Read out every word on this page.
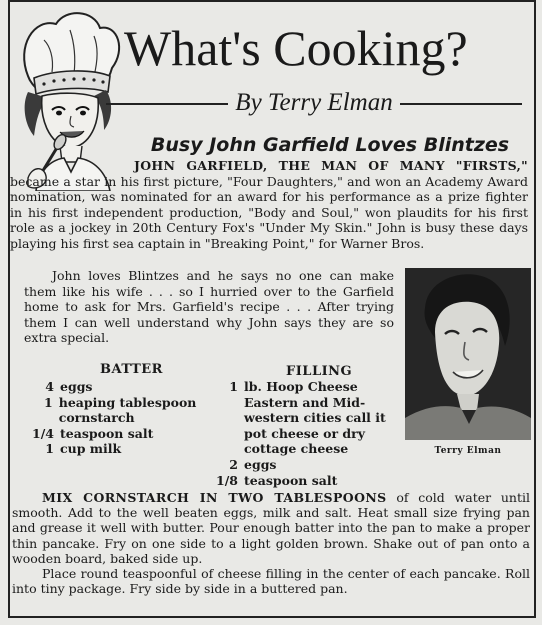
What's Cooking?
By Terry Elman
Busy John Garfield Loves Blintzes

JOHN GARFIELD, THE MAN OF MANY "FIRSTS," became a star in his first picture, "Four Daughters," and won an Academy Award nomination, was nominated for an award for his performance as a prize fighter in his first independent production, "Body and Soul," won plaudits for his first role as a jockey in 20th Century Fox's "Under My Skin." John is busy these days playing his first sea captain in "Breaking Point," for Warner Bros.

John loves Blintzes and he says no one can make them like his wife . . . so I hurried over to the Garfield home to ask for Mrs. Garfield's recipe . . . After trying them I can well understand why John says they are so extra special.

Terry Elman
BATTER
4 eggs
1 heaping tablespoon cornstarch
1/4 teaspoon salt
1 cup milk
FILLING
1 lb. Hoop Cheese Eastern and Mid-western cities call it pot cheese or dry cottage cheese
2 eggs
1/8 teaspoon salt

MIX CORNSTARCH IN TWO TABLESPOONS of cold water until smooth. Add to the well beaten eggs, milk and salt. Heat small size frying pan and grease it well with butter. Pour enough batter into the pan to make a proper thin pancake. Fry on one side to a light golden brown. Shake out of pan onto a wooden board, baked side up.

Place round teaspoonful of cheese filling in the center of each pancake. Roll into tiny package. Fry side by side in a buttered pan.
